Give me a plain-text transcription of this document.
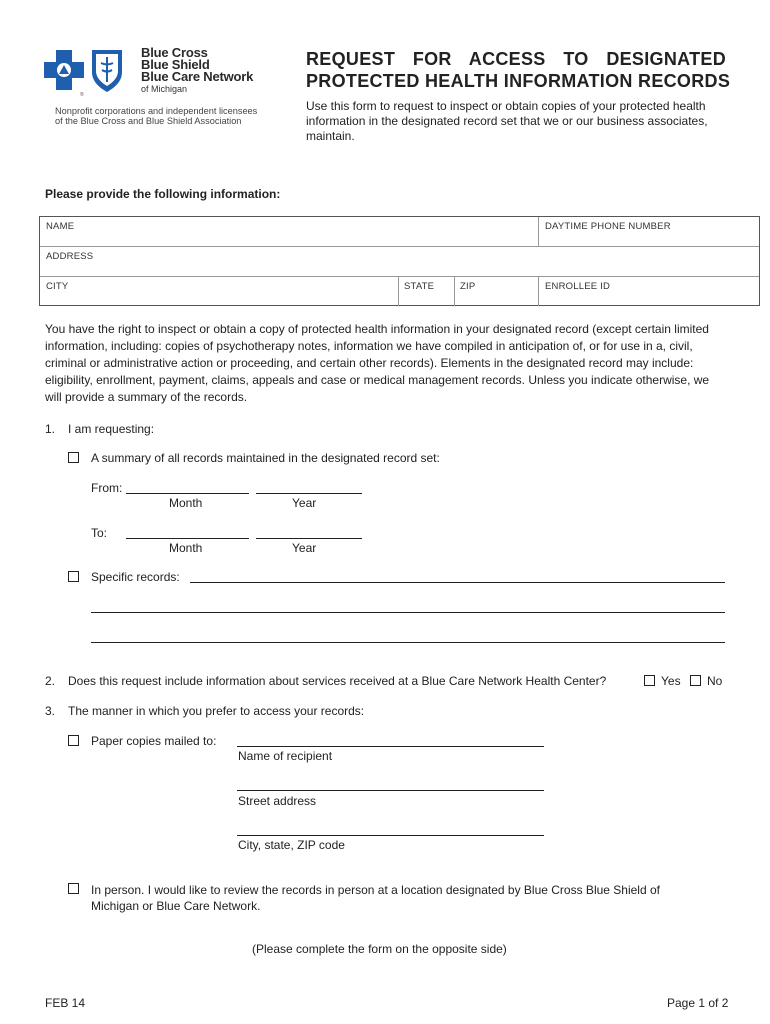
®
Blue Cross
Blue Shield
Blue Care Network
of Michigan
Nonprofit corporations and independent licensees
of the Blue Cross and Blue Shield Association
REQUEST FOR ACCESS TO DESIGNATED
PROTECTED HEALTH INFORMATION RECORDS
Use this form to request to inspect or obtain copies of your protected health information in the designated record set that we or our business associates, maintain.
Please provide the following information:
NAME	DAYTIME PHONE NUMBER
ADDRESS
CITY	STATE	ZIP	ENROLLEE ID
You have the right to inspect or obtain a copy of protected health information in your designated record (except certain limited information, including: copies of psychotherapy notes, information we have compiled in anticipation of, or for use in a, civil, criminal or administrative action or proceeding, and certain other records). Elements in the designated record may include: eligibility, enrollment, payment, claims, appeals and case or medical management records. Unless you indicate otherwise, we will provide a summary of the records.
1. I am requesting:
A summary of all records maintained in the designated record set:
From:
Month	Year
To:
Month	Year
Specific records:
2. Does this request include information about services received at a Blue Care Network Health Center?	Yes No
3. The manner in which you prefer to access your records:
Paper copies mailed to:
Name of recipient
Street address
City, state, ZIP code
In person. I would like to review the records in person at a location designated by Blue Cross Blue Shield of Michigan or Blue Care Network.
(Please complete the form on the opposite side)
FEB 14	Page 1 of 2
